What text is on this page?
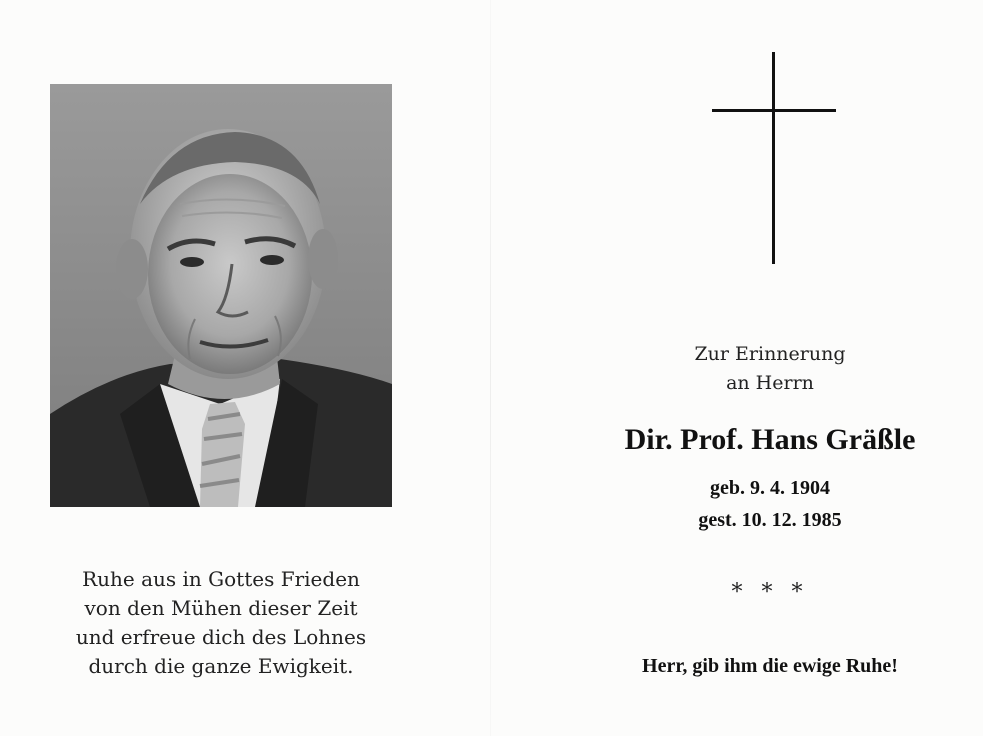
Ruhe aus in Gottes Frieden
von den Mühen dieser Zeit
und erfreue dich des Lohnes
durch die ganze Ewigkeit.
Zur Erinnerung
an Herrn
Dir. Prof. Hans Gräßle
geb. 9. 4. 1904
gest. 10. 12. 1985
* * *
Herr, gib ihm die ewige Ruhe!
